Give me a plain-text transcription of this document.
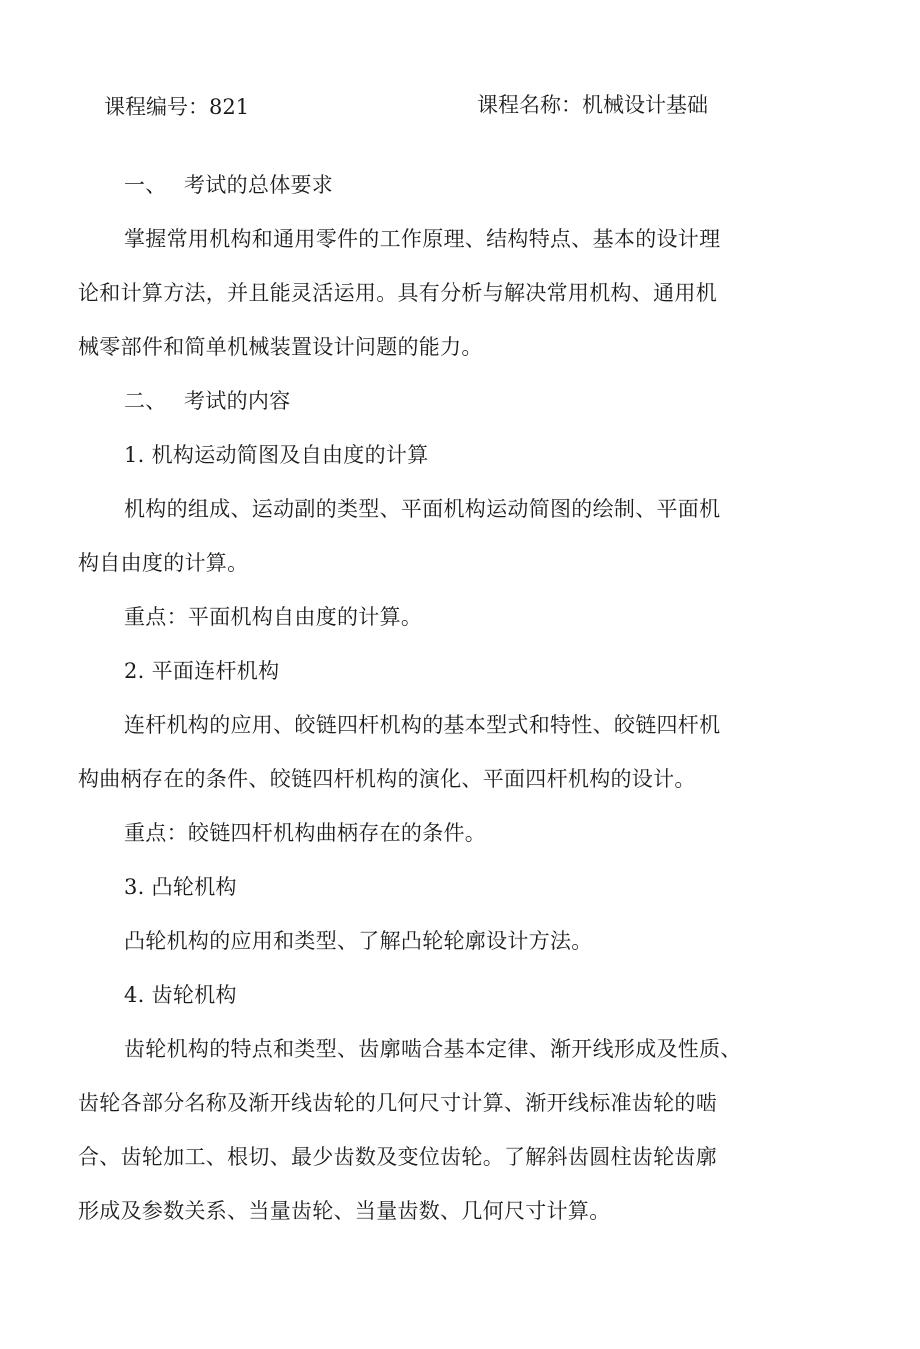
课程编号：821	课程名称：机械设计基础
一、 考试的总体要求
掌握常用机构和通用零件的工作原理、结构特点、基本的设计理
论和计算方法，并且能灵活运用。具有分析与解决常用机构、通用机
械零部件和简单机械装置设计问题的能力。
二、 考试的内容
1. 机构运动简图及自由度的计算
机构的组成、运动副的类型、平面机构运动简图的绘制、平面机
构自由度的计算。
重点：平面机构自由度的计算。
2. 平面连杆机构
连杆机构的应用、皎链四杆机构的基本型式和特性、皎链四杆机
构曲柄存在的条件、皎链四杆机构的演化、平面四杆机构的设计。
重点：皎链四杆机构曲柄存在的条件。
3. 凸轮机构
凸轮机构的应用和类型、了解凸轮轮廓设计方法。
4. 齿轮机构
齿轮机构的特点和类型、齿廓啮合基本定律、渐开线形成及性质、
齿轮各部分名称及渐开线齿轮的几何尺寸计算、渐开线标准齿轮的啮
合、齿轮加工、根切、最少齿数及变位齿轮。了解斜齿圆柱齿轮齿廓
形成及参数关系、当量齿轮、当量齿数、几何尺寸计算。
